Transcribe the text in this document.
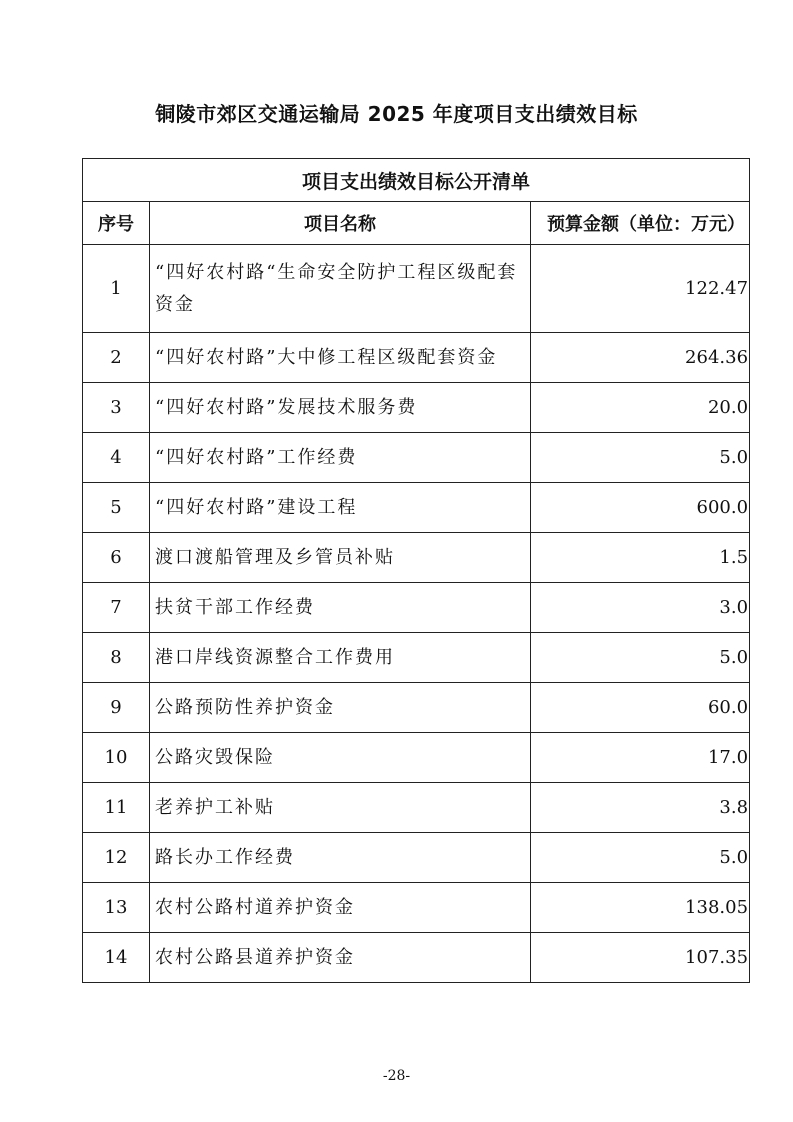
铜陵市郊区交通运输局 2025 年度项目支出绩效目标
项目支出绩效目标公开清单		
序号	项目名称	预算金额（单位：万元）
1	“四好农村路“生命安全防护工程区级配套资金	122.47
2	“四好农村路”大中修工程区级配套资金	264.36
3	“四好农村路”发展技术服务费	20.0
4	“四好农村路”工作经费	5.0
5	“四好农村路”建设工程	600.0
6	渡口渡船管理及乡管员补贴	1.5
7	扶贫干部工作经费	3.0
8	港口岸线资源整合工作费用	5.0
9	公路预防性养护资金	60.0
10	公路灾毁保险	17.0
11	老养护工补贴	3.8
12	路长办工作经费	5.0
13	农村公路村道养护资金	138.05
14	农村公路县道养护资金	107.35
-28-
